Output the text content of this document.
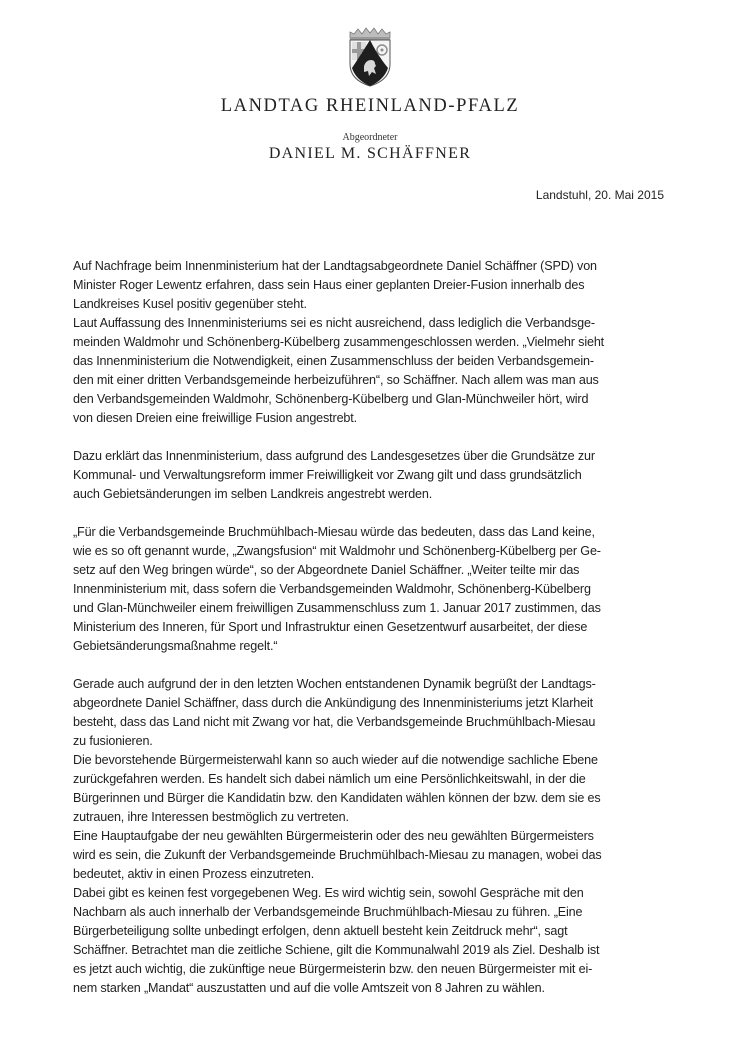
LANDTAG RHEINLAND-PFALZ
Abgeordneter
DANIEL M. SCHÄFFNER
Landstuhl, 20. Mai 2015
Auf Nachfrage beim Innenministerium hat der Landtagsabgeordnete Daniel Schäffner (SPD) von
Minister Roger Lewentz erfahren, dass sein Haus einer geplanten Dreier-Fusion innerhalb des
Landkreises Kusel positiv gegenüber steht.
Laut Auffassung des Innenministeriums sei es nicht ausreichend, dass lediglich die Verbandsge-
meinden Waldmohr und Schönenberg-Kübelberg zusammengeschlossen werden. „Vielmehr sieht
das Innenministerium die Notwendigkeit, einen Zusammenschluss der beiden Verbandsgemein-
den mit einer dritten Verbandsgemeinde herbeizuführen“, so Schäffner. Nach allem was man aus
den Verbandsgemeinden Waldmohr, Schönenberg-Kübelberg und Glan-Münchweiler hört, wird
von diesen Dreien eine freiwillige Fusion angestrebt.
Dazu erklärt das Innenministerium, dass aufgrund des Landesgesetzes über die Grundsätze zur
Kommunal- und Verwaltungsreform immer Freiwilligkeit vor Zwang gilt und dass grundsätzlich
auch Gebietsänderungen im selben Landkreis angestrebt werden.
„Für die Verbandsgemeinde Bruchmühlbach-Miesau würde das bedeuten, dass das Land keine,
wie es so oft genannt wurde, „Zwangsfusion“ mit Waldmohr und Schönenberg-Kübelberg per Ge-
setz auf den Weg bringen würde“, so der Abgeordnete Daniel Schäffner. „Weiter teilte mir das
Innenministerium mit, dass sofern die Verbandsgemeinden Waldmohr, Schönenberg-Kübelberg
und Glan-Münchweiler einem freiwilligen Zusammenschluss zum 1. Januar 2017 zustimmen, das
Ministerium des Inneren, für Sport und Infrastruktur einen Gesetzentwurf ausarbeitet, der diese
Gebietsänderungsmaßnahme regelt.“
Gerade auch aufgrund der in den letzten Wochen entstandenen Dynamik begrüßt der Landtags-
abgeordnete Daniel Schäffner, dass durch die Ankündigung des Innenministeriums jetzt Klarheit
besteht, dass das Land nicht mit Zwang vor hat, die Verbandsgemeinde Bruchmühlbach-Miesau
zu fusionieren.
Die bevorstehende Bürgermeisterwahl kann so auch wieder auf die notwendige sachliche Ebene
zurückgefahren werden. Es handelt sich dabei nämlich um eine Persönlichkeitswahl, in der die
Bürgerinnen und Bürger die Kandidatin bzw. den Kandidaten wählen können der bzw. dem sie es
zutrauen, ihre Interessen bestmöglich zu vertreten.
Eine Hauptaufgabe der neu gewählten Bürgermeisterin oder des neu gewählten Bürgermeisters
wird es sein, die Zukunft der Verbandsgemeinde Bruchmühlbach-Miesau zu managen, wobei das
bedeutet, aktiv in einen Prozess einzutreten.
Dabei gibt es keinen fest vorgegebenen Weg. Es wird wichtig sein, sowohl Gespräche mit den
Nachbarn als auch innerhalb der Verbandsgemeinde Bruchmühlbach-Miesau zu führen. „Eine
Bürgerbeteiligung sollte unbedingt erfolgen, denn aktuell besteht kein Zeitdruck mehr“, sagt
Schäffner. Betrachtet man die zeitliche Schiene, gilt die Kommunalwahl 2019 als Ziel. Deshalb ist
es jetzt auch wichtig, die zukünftige neue Bürgermeisterin bzw. den neuen Bürgermeister mit ei-
nem starken „Mandat“ auszustatten und auf die volle Amtszeit von 8 Jahren zu wählen.
